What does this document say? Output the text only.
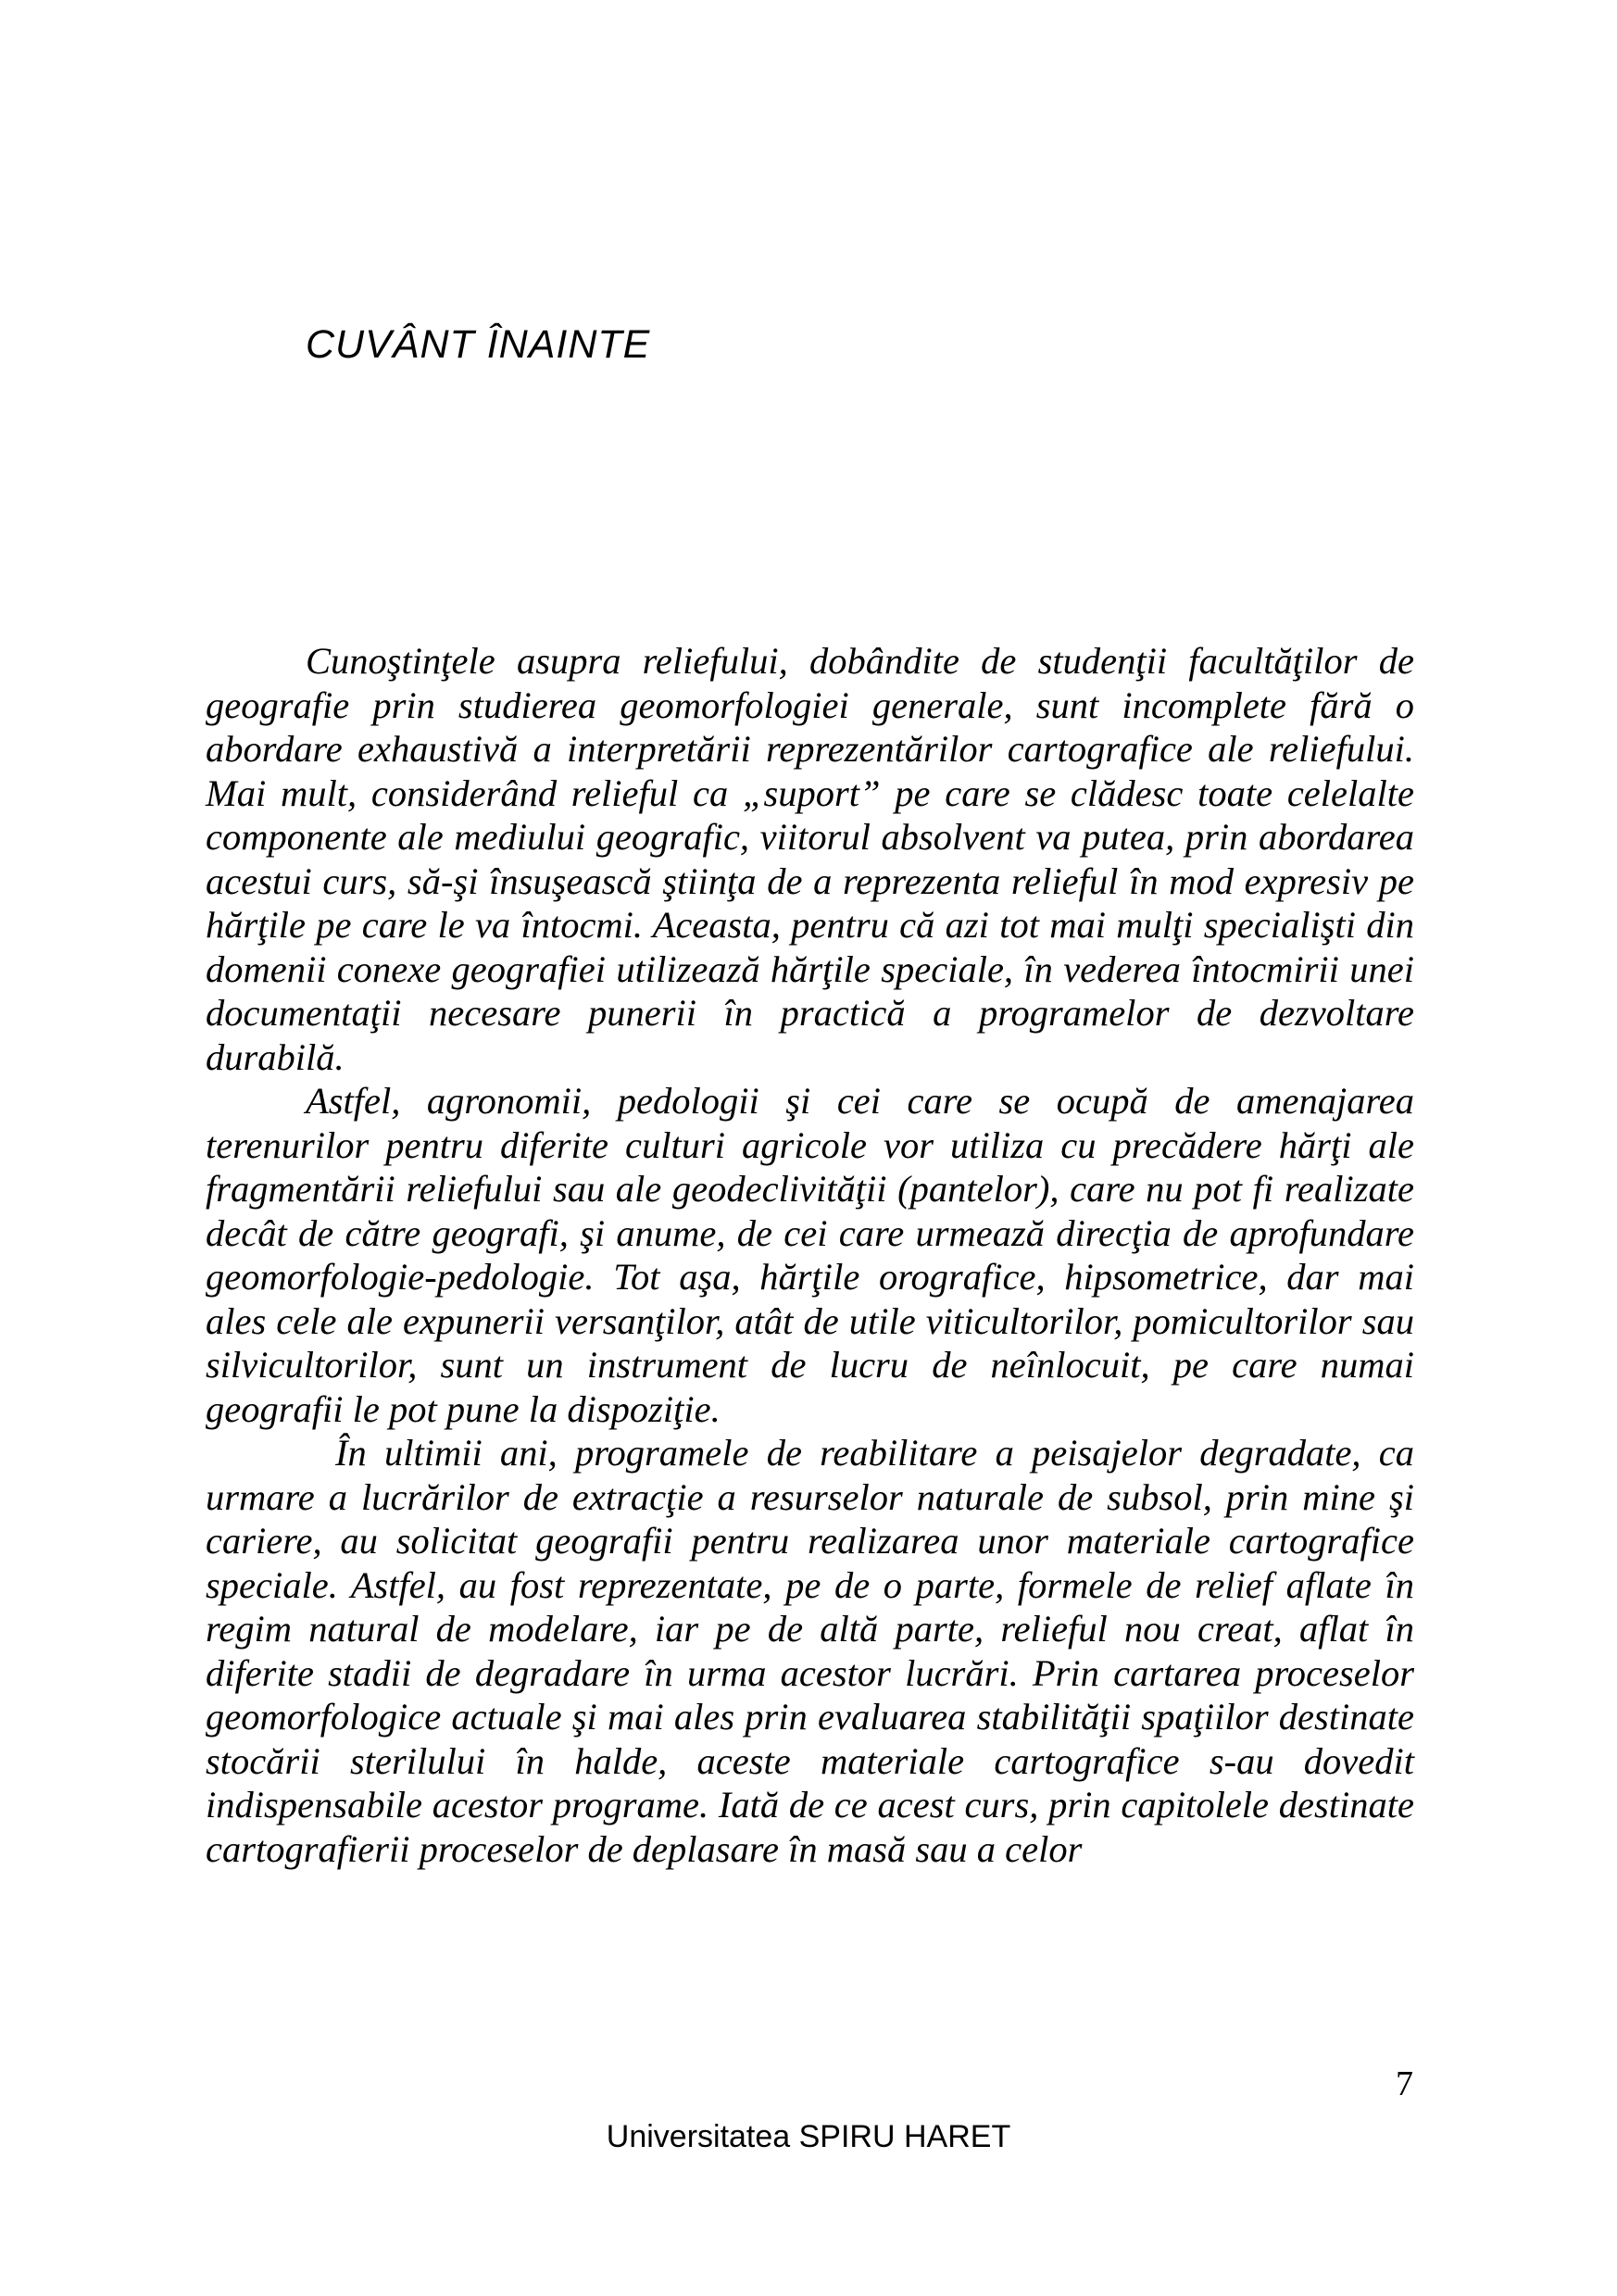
CUVÂNT ÎNAINTE

Cunoştinţele asupra reliefului, dobândite de studenţii facultăţilor de geografie prin studierea geomorfologiei generale, sunt incomplete fără o abordare exhaustivă a interpretării reprezentărilor cartografice ale reliefului. Mai mult, considerând relieful ca „suport” pe care se clădesc toate celelalte componente ale mediului geografic, viitorul absolvent va putea, prin abordarea acestui curs, să-şi însuşească ştiinţa de a reprezenta relieful în mod expresiv pe hărţile pe care le va întocmi. Aceasta, pentru că azi tot mai mulţi specialişti din domenii conexe geografiei utilizează hărţile speciale, în vederea întocmirii unei documentaţii necesare punerii în practică a programelor de dezvoltare durabilă.

Astfel, agronomii, pedologii şi cei care se ocupă de amenajarea terenurilor pentru diferite culturi agricole vor utiliza cu precădere hărţi ale fragmentării reliefului sau ale geodeclivităţii (pantelor), care nu pot fi realizate decât de către geografi, şi anume, de cei care urmează direcţia de aprofundare geomorfologie-pedologie. Tot aşa, hărţile orografice, hipsometrice, dar mai ales cele ale expunerii versanţilor, atât de utile viticultorilor, pomicultorilor sau silvicultorilor, sunt un instrument de lucru de neînlocuit, pe care numai geografii le pot pune la dispoziţie.

În ultimii ani, programele de reabilitare a peisajelor degradate, ca urmare a lucrărilor de extracţie a resurselor naturale de subsol, prin mine şi cariere, au solicitat geografii pentru realizarea unor materiale cartografice speciale. Astfel, au fost reprezentate, pe de o parte, formele de relief aflate în regim natural de modelare, iar pe de altă parte, relieful nou creat, aflat în diferite stadii de degradare în urma acestor lucrări. Prin cartarea proceselor geomorfologice actuale şi mai ales prin evaluarea stabilităţii spaţiilor destinate stocării sterilului în halde, aceste materiale cartografice s-au dovedit indispensabile acestor programe. Iată de ce acest curs, prin capitolele destinate cartografierii proceselor de deplasare în masă sau a celor

7
Universitatea SPIRU HARET
